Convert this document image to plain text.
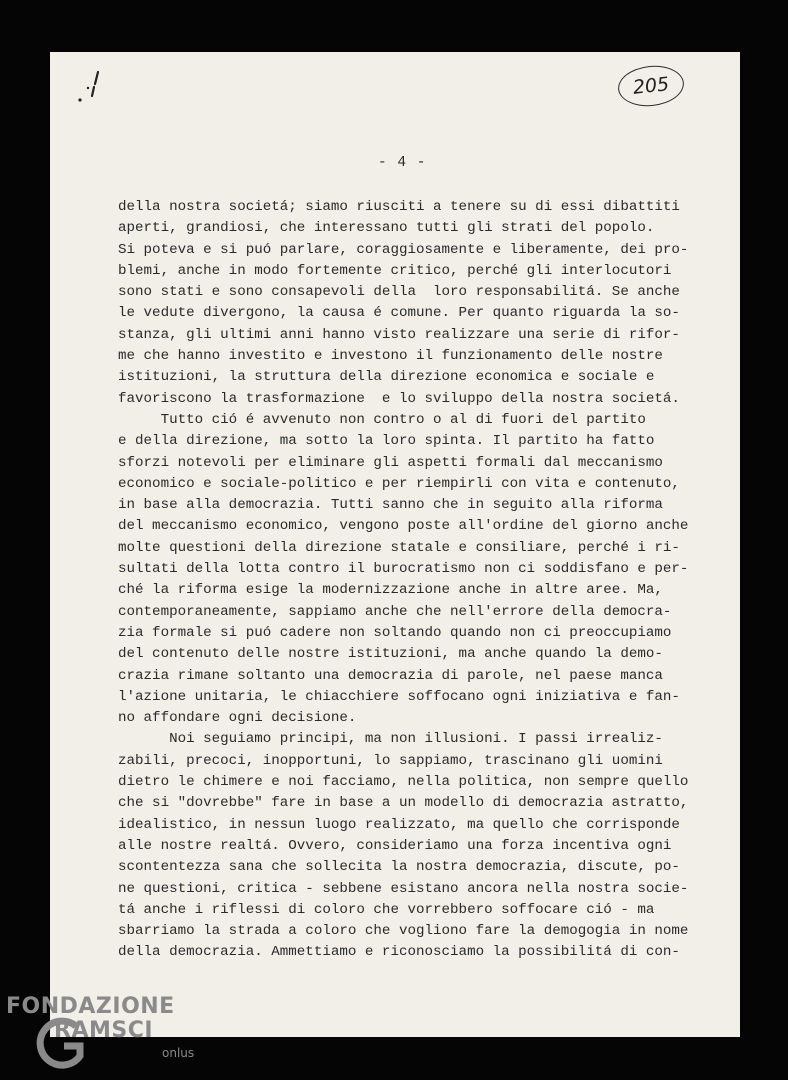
205
- 4 -
della nostra societá; siamo riusciti a tenere su di essi dibattiti
aperti, grandiosi, che interessano tutti gli strati del popolo.
Si poteva e si puó parlare, coraggiosamente e liberamente, dei pro-
blemi, anche in modo fortemente critico, perché gli interlocutori
sono stati e sono consapevoli della  loro responsabilitá. Se anche
le vedute divergono, la causa é comune. Per quanto riguarda la so-
stanza, gli ultimi anni hanno visto realizzare una serie di rifor-
me che hanno investito e investono il funzionamento delle nostre
istituzioni, la struttura della direzione economica e sociale e
favoriscono la trasformazione  e lo sviluppo della nostra societá.
Tutto ció é avvenuto non contro o al di fuori del partito
e della direzione, ma sotto la loro spinta. Il partito ha fatto
sforzi notevoli per eliminare gli aspetti formali dal meccanismo
economico e sociale-politico e per riempirli con vita e contenuto,
in base alla democrazia. Tutti sanno che in seguito alla riforma
del meccanismo economico, vengono poste all'ordine del giorno anche
molte questioni della direzione statale e consiliare, perché i ri-
sultati della lotta contro il burocratismo non ci soddisfano e per-
ché la riforma esige la modernizzazione anche in altre aree. Ma,
contemporaneamente, sappiamo anche che nell'errore della democra-
zia formale si puó cadere non soltando quando non ci preoccupiamo
del contenuto delle nostre istituzioni, ma anche quando la demo-
crazia rimane soltanto una democrazia di parole, nel paese manca
l'azione unitaria, le chiacchiere soffocano ogni iniziativa e fan-
no affondare ogni decisione.
Noi seguiamo principi, ma non illusioni. I passi irrealiz-
zabili, precoci, inopportuni, lo sappiamo, trascinano gli uomini
dietro le chimere e noi facciamo, nella politica, non sempre quello
che si "dovrebbe" fare in base a un modello di democrazia astratto,
idealistico, in nessun luogo realizzato, ma quello che corrisponde
alle nostre realtá. Ovvero, consideriamo una forza incentiva ogni
scontentezza sana che sollecita la nostra democrazia, discute, po-
ne questioni, critica - sebbene esistano ancora nella nostra socie-
tá anche i riflessi di coloro che vorrebbero soffocare ció - ma
sbarriamo la strada a coloro che vogliono fare la demogogia in nome
della democrazia. Ammettiamo e riconosciamo la possibilitá di con-
FONDAZIONE
RAMSCI
onlus
